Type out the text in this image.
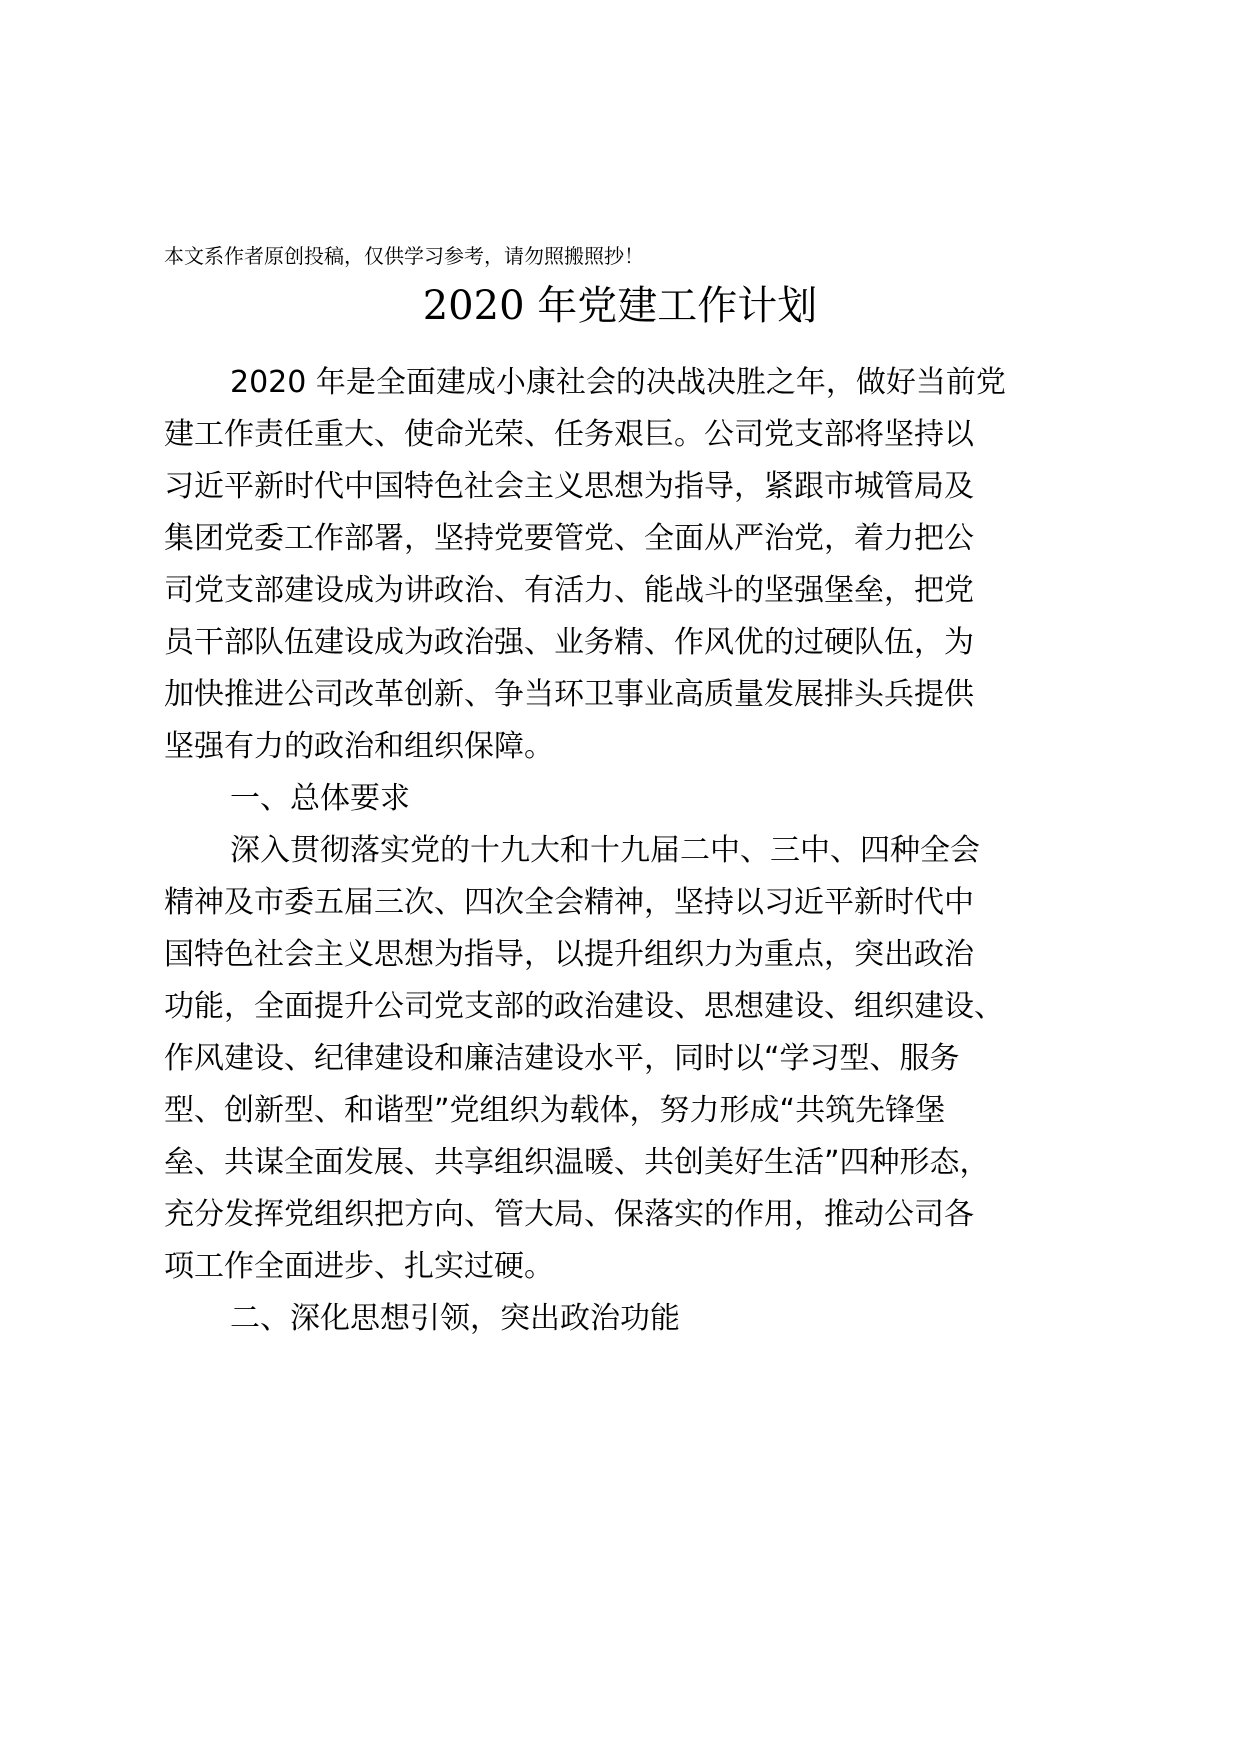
本文系作者原创投稿，仅供学习参考，请勿照搬照抄！
2020 年党建工作计划
2020 年是全面建成小康社会的决战决胜之年，做好当前党
建工作责任重大、使命光荣、任务艰巨。公司党支部将坚持以
习近平新时代中国特色社会主义思想为指导，紧跟市城管局及
集团党委工作部署，坚持党要管党、全面从严治党，着力把公
司党支部建设成为讲政治、有活力、能战斗的坚强堡垒，把党
员干部队伍建设成为政治强、业务精、作风优的过硬队伍，为
加快推进公司改革创新、争当环卫事业高质量发展排头兵提供
坚强有力的政治和组织保障。
一、总体要求
深入贯彻落实党的十九大和十九届二中、三中、四种全会
精神及市委五届三次、四次全会精神，坚持以习近平新时代中
国特色社会主义思想为指导，以提升组织力为重点，突出政治
功能，全面提升公司党支部的政治建设、思想建设、组织建设、
作风建设、纪律建设和廉洁建设水平，同时以“学习型、服务
型、创新型、和谐型”党组织为载体，努力形成“共筑先锋堡
垒、共谋全面发展、共享组织温暖、共创美好生活”四种形态，
充分发挥党组织把方向、管大局、保落实的作用，推动公司各
项工作全面进步、扎实过硬。
二、深化思想引领，突出政治功能
